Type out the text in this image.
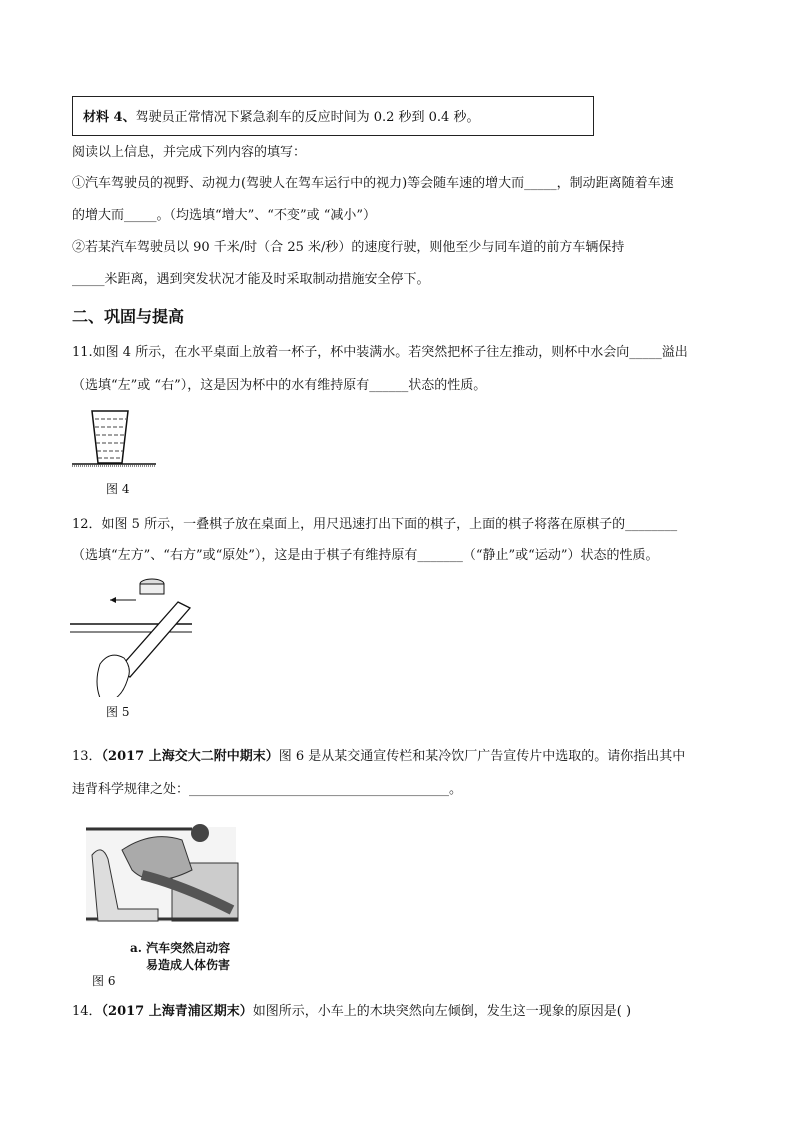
材料 4、驾驶员正常情况下紧急刹车的反应时间为 0.2 秒到 0.4 秒。
阅读以上信息，并完成下列内容的填写：
①汽车驾驶员的视野、动视力(驾驶人在驾车运行中的视力)等会随车速的增大而_____，制动距离随着车速
的增大而_____。（均选填“增大”、“不变”或 “减小”）
②若某汽车驾驶员以 90 千米/时（合 25 米/秒）的速度行驶，则他至少与同车道的前方车辆保持
_____米距离，遇到突发状况才能及时采取制动措施安全停下。
二、巩固与提高
11.如图 4 所示，在水平桌面上放着一杯子，杯中装满水。若突然把杯子往左推动，则杯中水会向_____溢出
（选填“左”或 “右”），这是因为杯中的水有维持原有______状态的性质。
图 4
12．如图 5 所示，一叠棋子放在桌面上，用尺迅速打出下面的棋子，上面的棋子将落在原棋子的________
（选填“左方”、“右方”或“原处”），这是由于棋子有维持原有_______（“静止”或“运动”）状态的性质。
图 5
13．（2017 上海交大二附中期末）图 6 是从某交通宣传栏和某冷饮厂广告宣传片中选取的。请你指出其中
违背科学规律之处：________________________________________。
a. 汽车突然启动容
易造成人体伤害
图 6
14．（2017 上海青浦区期末）如图所示，小车上的木块突然向左倾倒，发生这一现象的原因是( )
